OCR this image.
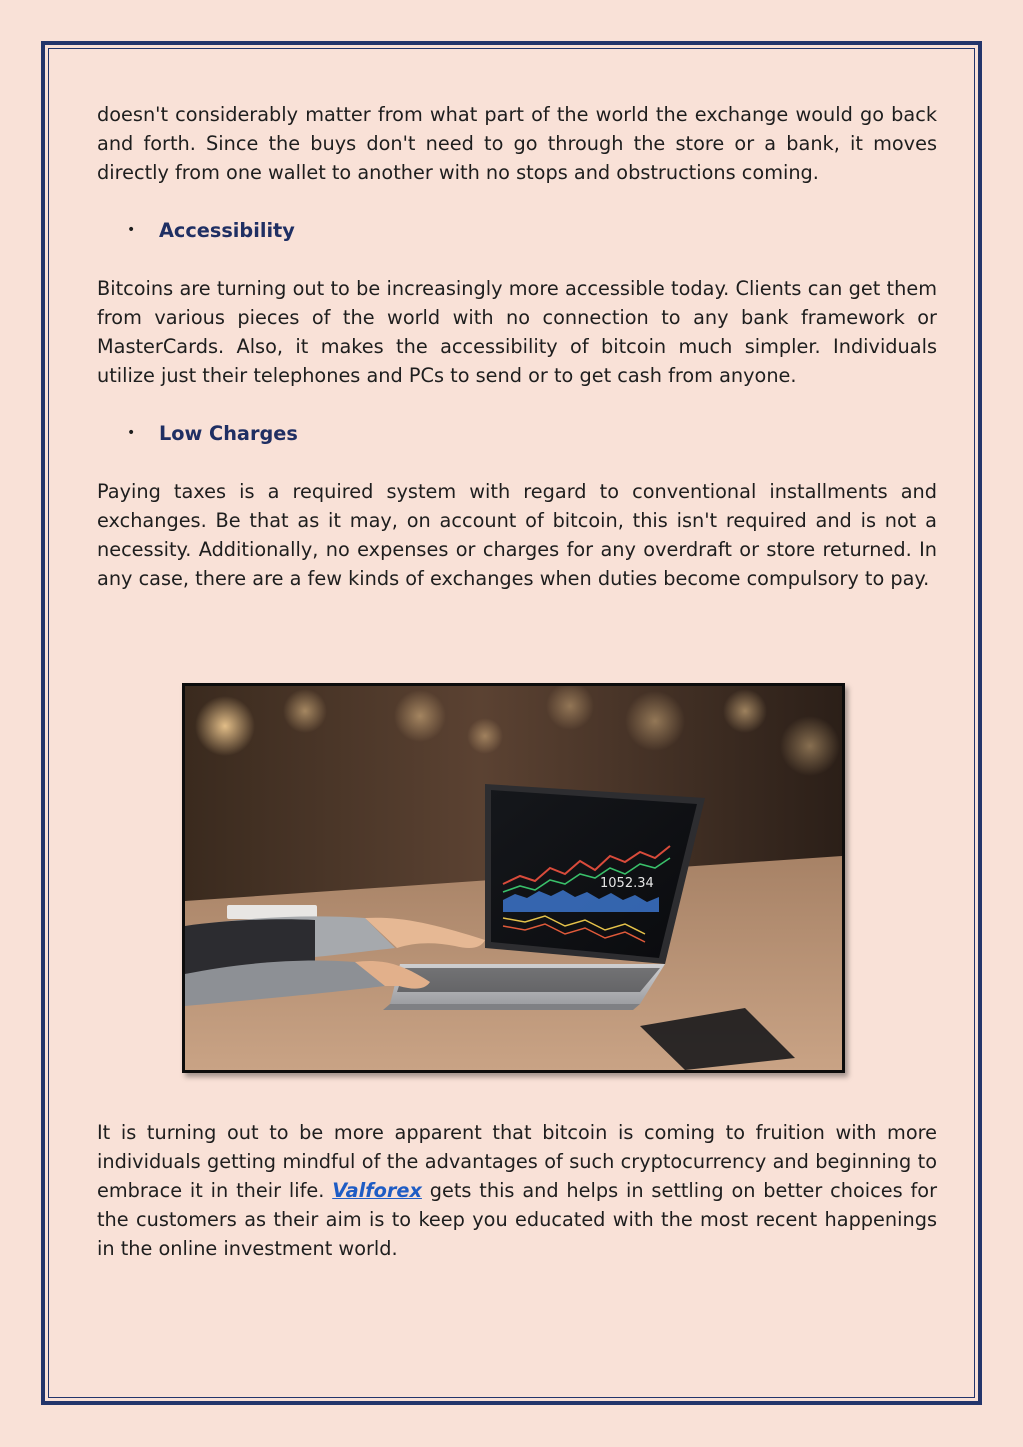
doesn't considerably matter from what part of the world the exchange would go back and forth. Since the buys don't need to go through the store or a bank, it moves directly from one wallet to another with no stops and obstructions coming.

• Accessibility

Bitcoins are turning out to be increasingly more accessible today. Clients can get them from various pieces of the world with no connection to any bank framework or MasterCards. Also, it makes the accessibility of bitcoin much simpler. Individuals utilize just their telephones and PCs to send or to get cash from anyone.

• Low Charges

Paying taxes is a required system with regard to conventional installments and exchanges. Be that as it may, on account of bitcoin, this isn't required and is not a necessity. Additionally, no expenses or charges for any overdraft or store returned. In any case, there are a few kinds of exchanges when duties become compulsory to pay.

1052.34

It is turning out to be more apparent that bitcoin is coming to fruition with more individuals getting mindful of the advantages of such cryptocurrency and beginning to embrace it in their life. Valforex gets this and helps in settling on better choices for the customers as their aim is to keep you educated with the most recent happenings in the online investment world.
